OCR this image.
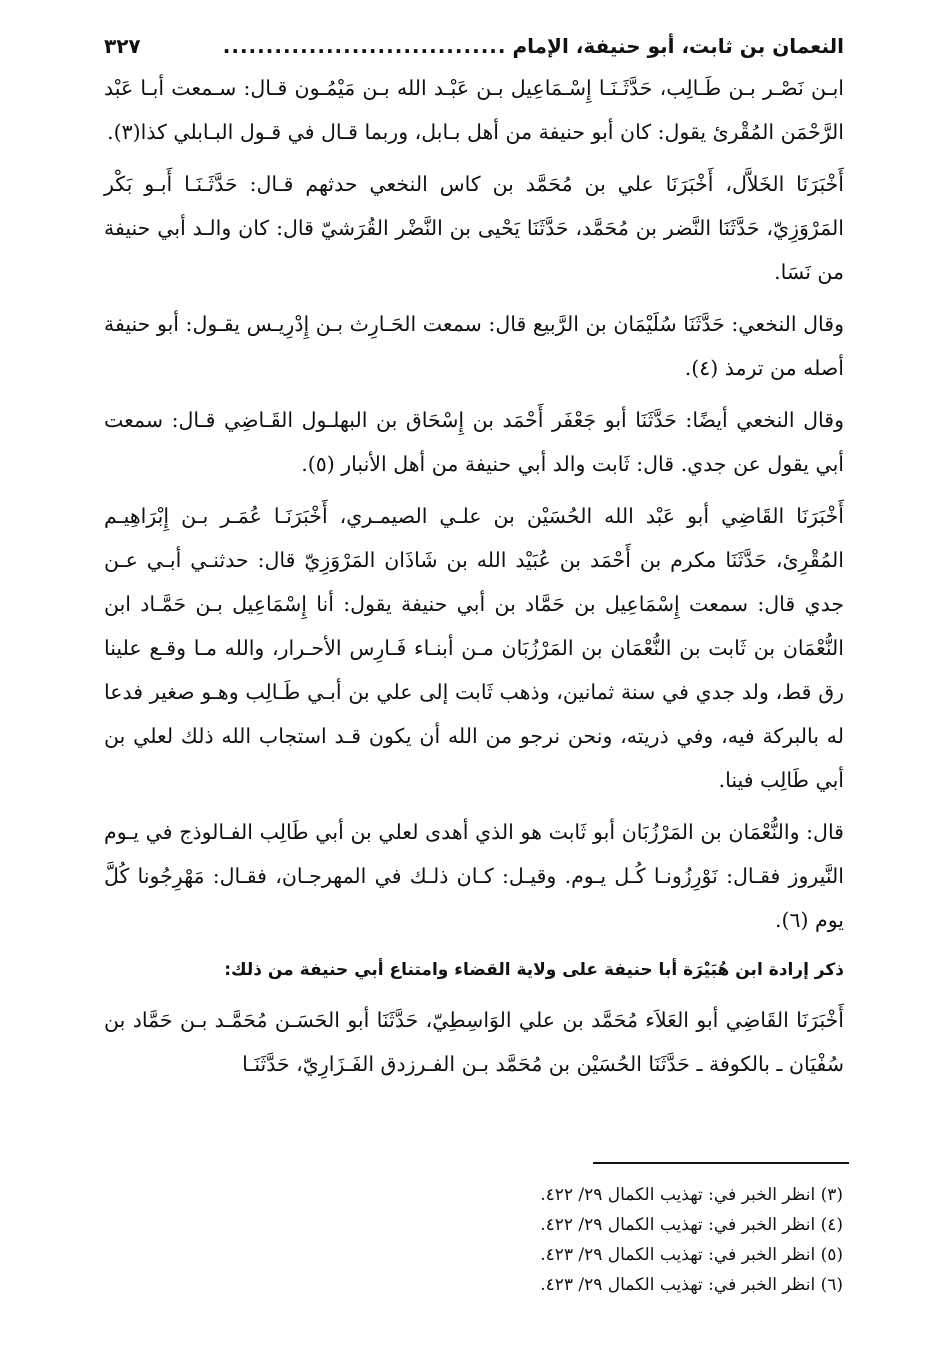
النعمان بن ثابت، أبو حنيفة، الإمام
.................................
٣٢٧

ابـن نَصْـر بـن طَـالِب، حَدَّثَـنَـا إِسْـمَاعِيل بـن عَبْـد الله بـن مَيْمُـون قـال: سـمعت أبـا عَبْد الرَّحْمَن المُقْرئ يقول: كان أبو حنيفة من أهل بـابل، وربما قـال في قـول البـابلي كذا(٣).

أَخْبَرَنَا الخَلاَّل، أَخْبَرَنَا علي بن مُحَمَّد بن كاس النخعي حدثهم قـال: حَدَّثَـنَـا أَبـو بَكْر المَرْوَزِيّ، حَدَّثَنَا النَّضر بن مُحَمَّد، حَدَّثَنَا يَحْيى بن النَّضْر القُرَشيّ قال: كان والـد أبي حنيفة من نَسَا.

وقال النخعي: حَدَّثَنَا سُلَيْمَان بن الرَّبيع قال: سمعت الحَـارِث بـن إِدْرِيـس يقـول: أبو حنيفة أصله من ترمذ (٤).

وقال النخعي أيضًا: حَدَّثَنَا أبو جَعْفَر أَحْمَد بن إِسْحَاق بن البهلـول القَـاضِي قـال: سمعت أبي يقول عن جدي. قال: ثَابت والد أبي حنيفة من أهل الأنبار (٥).

أَخْبَرَنَا القَاضِي أبو عَبْد الله الحُسَيْن بن علـي الصيمـري، أَخْبَرَنَـا عُمَـر بـن إِبْرَاهِيـم المُقْرِئ، حَدَّثَنَا مكرم بن أَحْمَد بن عُبَيْد الله بن شَاذَان المَرْوَزِيّ قال: حدثنـي أبـي عـن جدي قال: سمعت إِسْمَاعِيل بن حَمَّاد بن أبي حنيفة يقول: أنا إِسْمَاعِيل بـن حَمَّـاد ابن النُّعْمَان بن ثَابت بن النُّعْمَان بن المَرْزُبَان مـن أبنـاء فَـارِس الأحـرار، والله مـا وقـع علينا رق قط، ولد جدي في سنة ثمانين، وذهب ثَابت إلى علي بن أبـي طَـالِب وهـو صغير فدعا له بالبركة فيه، وفي ذريته، ونحن نرجو من الله أن يكون قـد استجاب الله ذلك لعلي بن أبي طَالِب فينا.

قال: والنُّعْمَان بن المَرْزُبَان أبو ثَابت هو الذي أهدى لعلي بن أبي طَالِب الفـالوذج في يـوم النَّيروز فقـال: نَوْرِزُونـا كُـل يـوم. وقيـل: كـان ذلـك في المهرجـان، فقـال: مَهْرِجُونا كُلَّ يوم (٦).

ذكر إرادة ابن هُبَيْرَة أبا حنيفة على ولاية القضاء وامتناع أبي حنيفة من ذلك:

أَخْبَرَنَا القَاضِي أبو العَلاَء مُحَمَّد بن علي الوَاسِطِيّ، حَدَّثَنَا أبو الحَسَـن مُحَمَّـد بـن حَمَّاد بن سُفْيَان ـ بالكوفة ـ حَدَّثَنَا الحُسَيْن بن مُحَمَّد بـن الفـرزدق الفَـزَارِيّ، حَدَّثَنَـا

(٣) انظر الخبر في: تهذيب الكمال ٢٩/ ٤٢٢.
(٤) انظر الخبر في: تهذيب الكمال ٢٩/ ٤٢٢.
(٥) انظر الخبر في: تهذيب الكمال ٢٩/ ٤٢٣.
(٦) انظر الخبر في: تهذيب الكمال ٢٩/ ٤٢٣.
